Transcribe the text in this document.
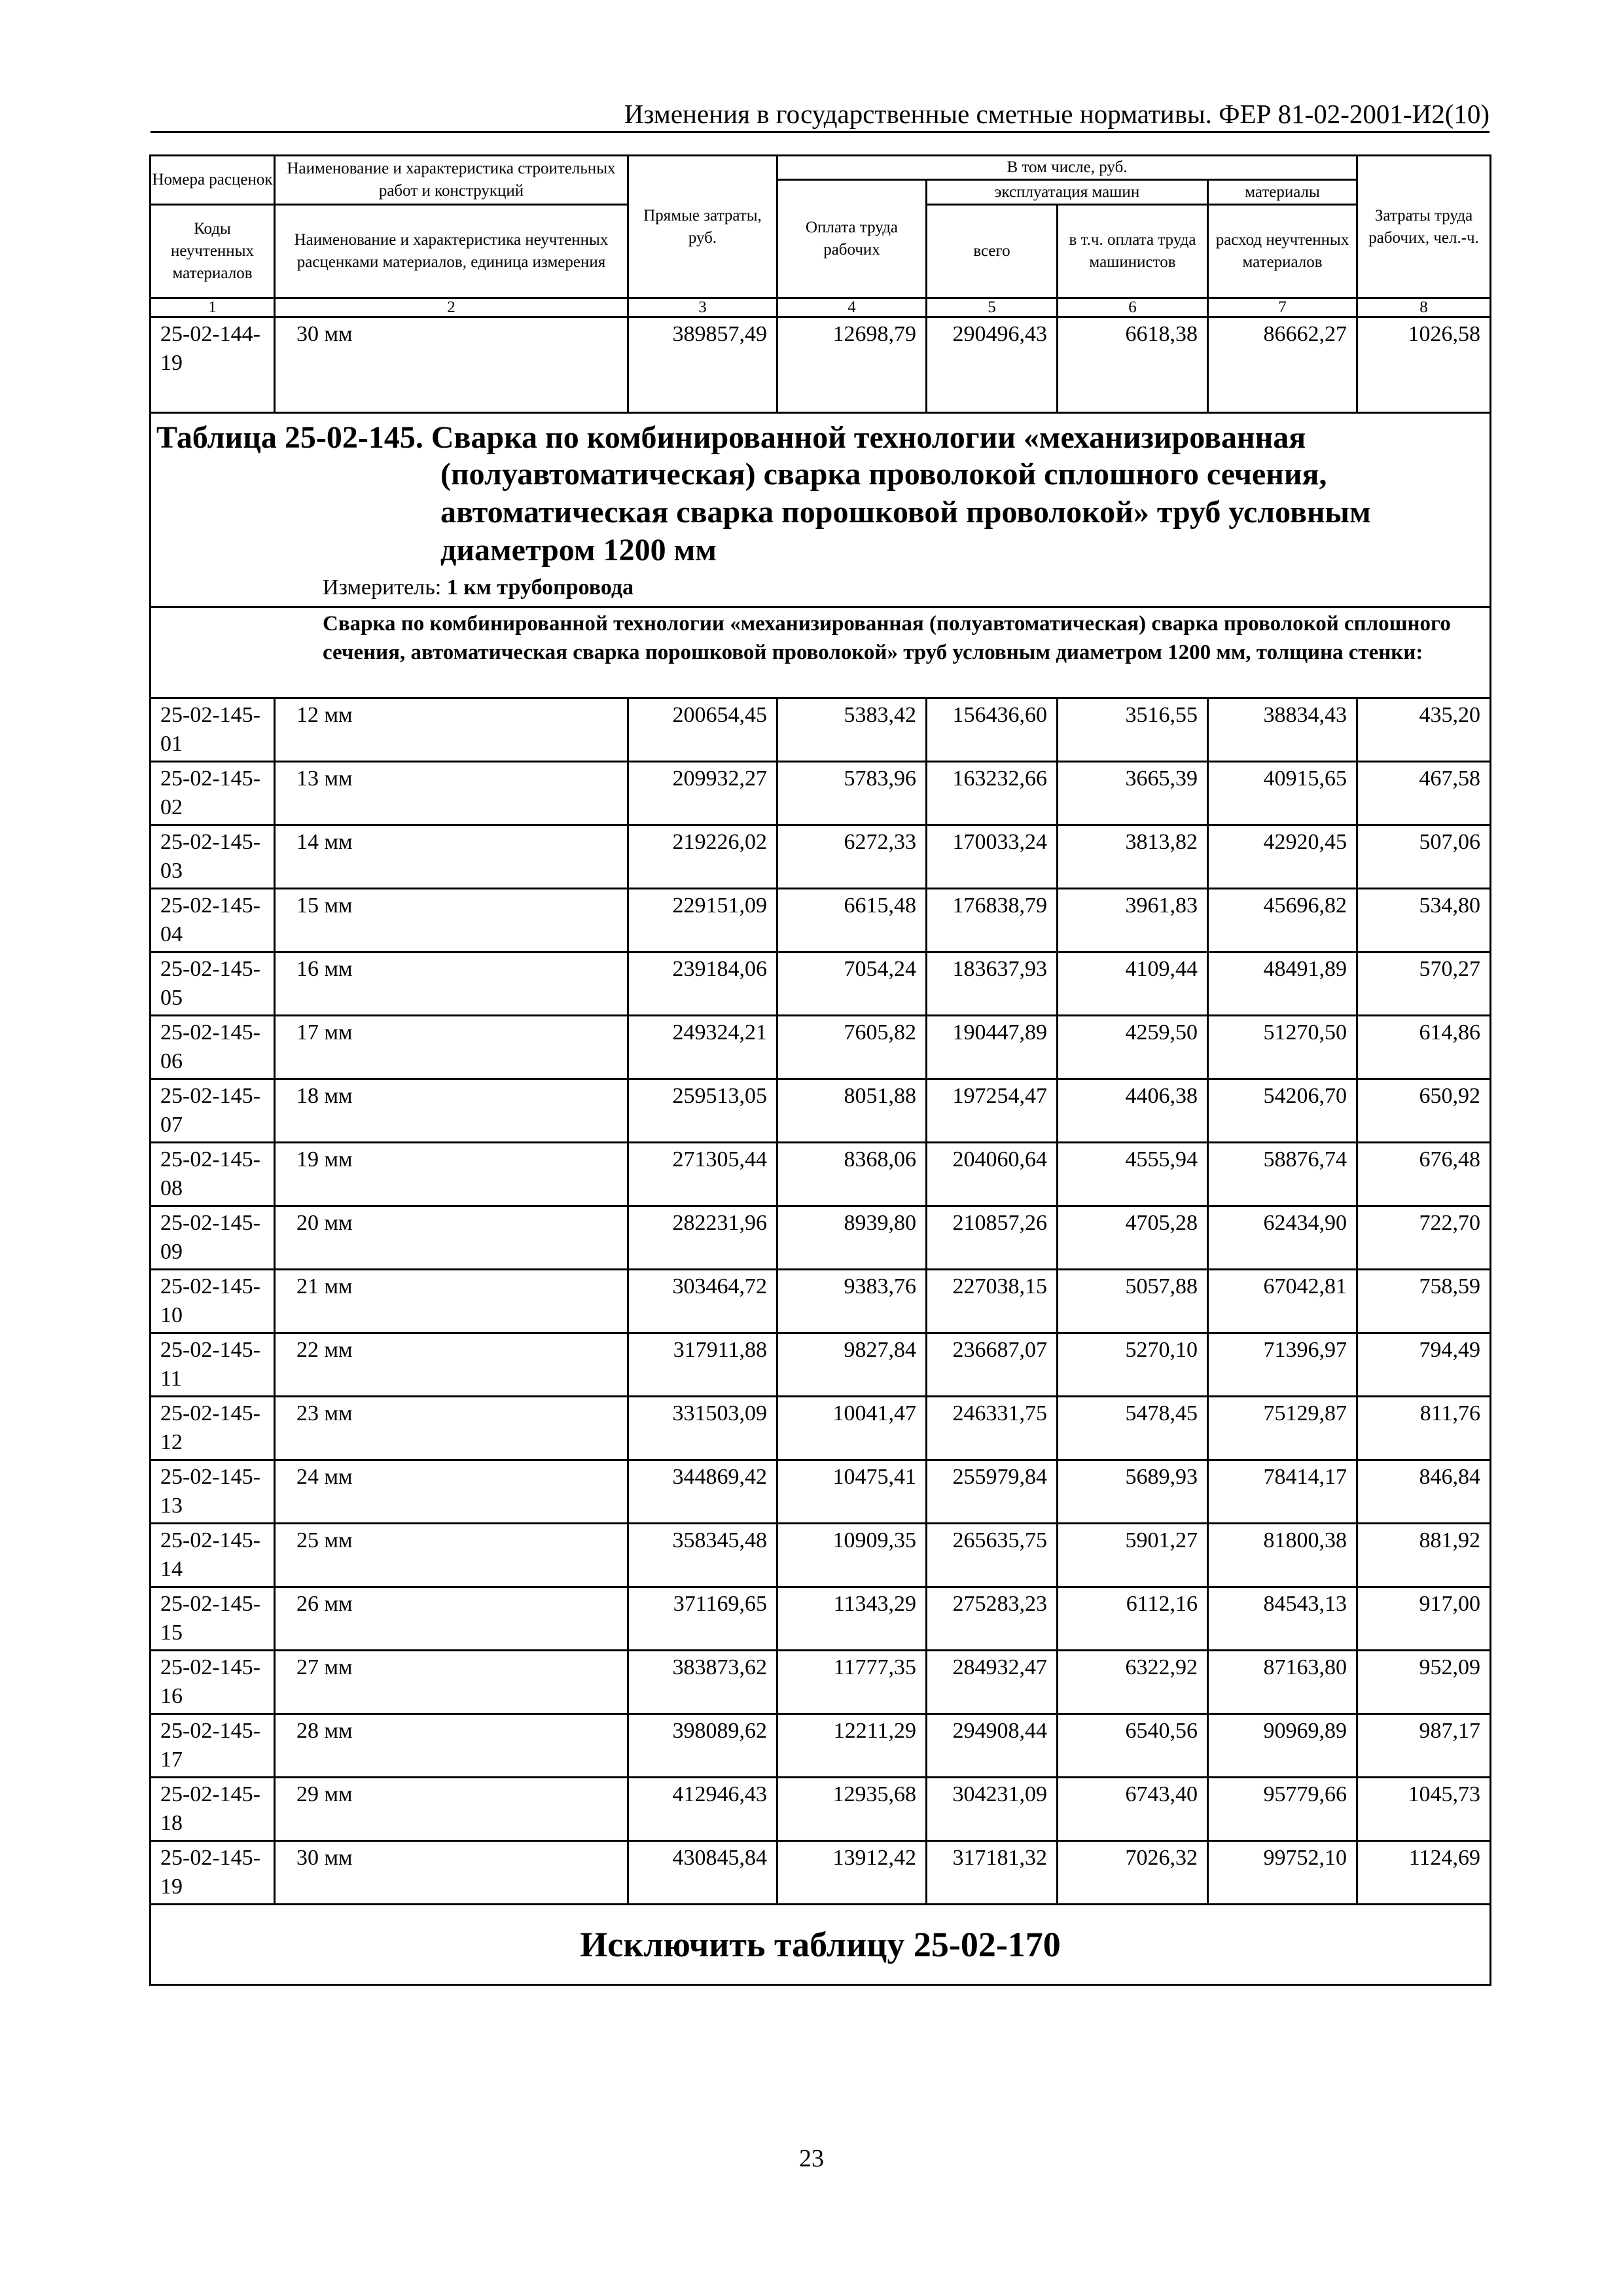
Изменения в государственные сметные нормативы. ФЕР 81-02-2001-И2(10)
Номера расценок	Наименование и характеристика строительных работ и конструкций	Прямые затраты, руб.	В том числе, руб.				Затраты труда рабочих, чел.-ч.
			Оплата труда рабочих	эксплуатация машин		материалы	
Коды неучтенных материалов	Наименование и характеристика неучтенных расценками материалов, единица измерения			всего	в т.ч. оплата труда машинистов	расход неучтенных материалов	

1	2	3	4	5	6	7	8
25-02-144-19	30 мм	389857,49	12698,79	290496,43	6618,38	86662,27	1026,58

Таблица 25-02-145. Сварка по комбинированной технологии «механизированная
(полуавтоматическая) сварка проволокой сплошного сечения, автоматическая сварка порошковой проволокой» труб условным диаметром 1200 мм
Измеритель: 1 км трубопровода							

Сварка по комбинированной технологии «механизированная (полуавтоматическая) сварка проволокой сплошного сечения, автоматическая сварка порошковой проволокой» труб условным диаметром 1200 мм, толщина стенки:							
25-02-145-01	12 мм	200654,45	5383,42	156436,60	3516,55	38834,43	435,20
25-02-145-02	13 мм	209932,27	5783,96	163232,66	3665,39	40915,65	467,58
25-02-145-03	14 мм	219226,02	6272,33	170033,24	3813,82	42920,45	507,06
25-02-145-04	15 мм	229151,09	6615,48	176838,79	3961,83	45696,82	534,80
25-02-145-05	16 мм	239184,06	7054,24	183637,93	4109,44	48491,89	570,27
25-02-145-06	17 мм	249324,21	7605,82	190447,89	4259,50	51270,50	614,86
25-02-145-07	18 мм	259513,05	8051,88	197254,47	4406,38	54206,70	650,92
25-02-145-08	19 мм	271305,44	8368,06	204060,64	4555,94	58876,74	676,48
25-02-145-09	20 мм	282231,96	8939,80	210857,26	4705,28	62434,90	722,70
25-02-145-10	21 мм	303464,72	9383,76	227038,15	5057,88	67042,81	758,59
25-02-145-11	22 мм	317911,88	9827,84	236687,07	5270,10	71396,97	794,49
25-02-145-12	23 мм	331503,09	10041,47	246331,75	5478,45	75129,87	811,76
25-02-145-13	24 мм	344869,42	10475,41	255979,84	5689,93	78414,17	846,84
25-02-145-14	25 мм	358345,48	10909,35	265635,75	5901,27	81800,38	881,92
25-02-145-15	26 мм	371169,65	11343,29	275283,23	6112,16	84543,13	917,00
25-02-145-16	27 мм	383873,62	11777,35	284932,47	6322,92	87163,80	952,09
25-02-145-17	28 мм	398089,62	12211,29	294908,44	6540,56	90969,89	987,17
25-02-145-18	29 мм	412946,43	12935,68	304231,09	6743,40	95779,66	1045,73
25-02-145-19	30 мм	430845,84	13912,42	317181,32	7026,32	99752,10	1124,69
Исключить таблицу 25-02-170							
23
